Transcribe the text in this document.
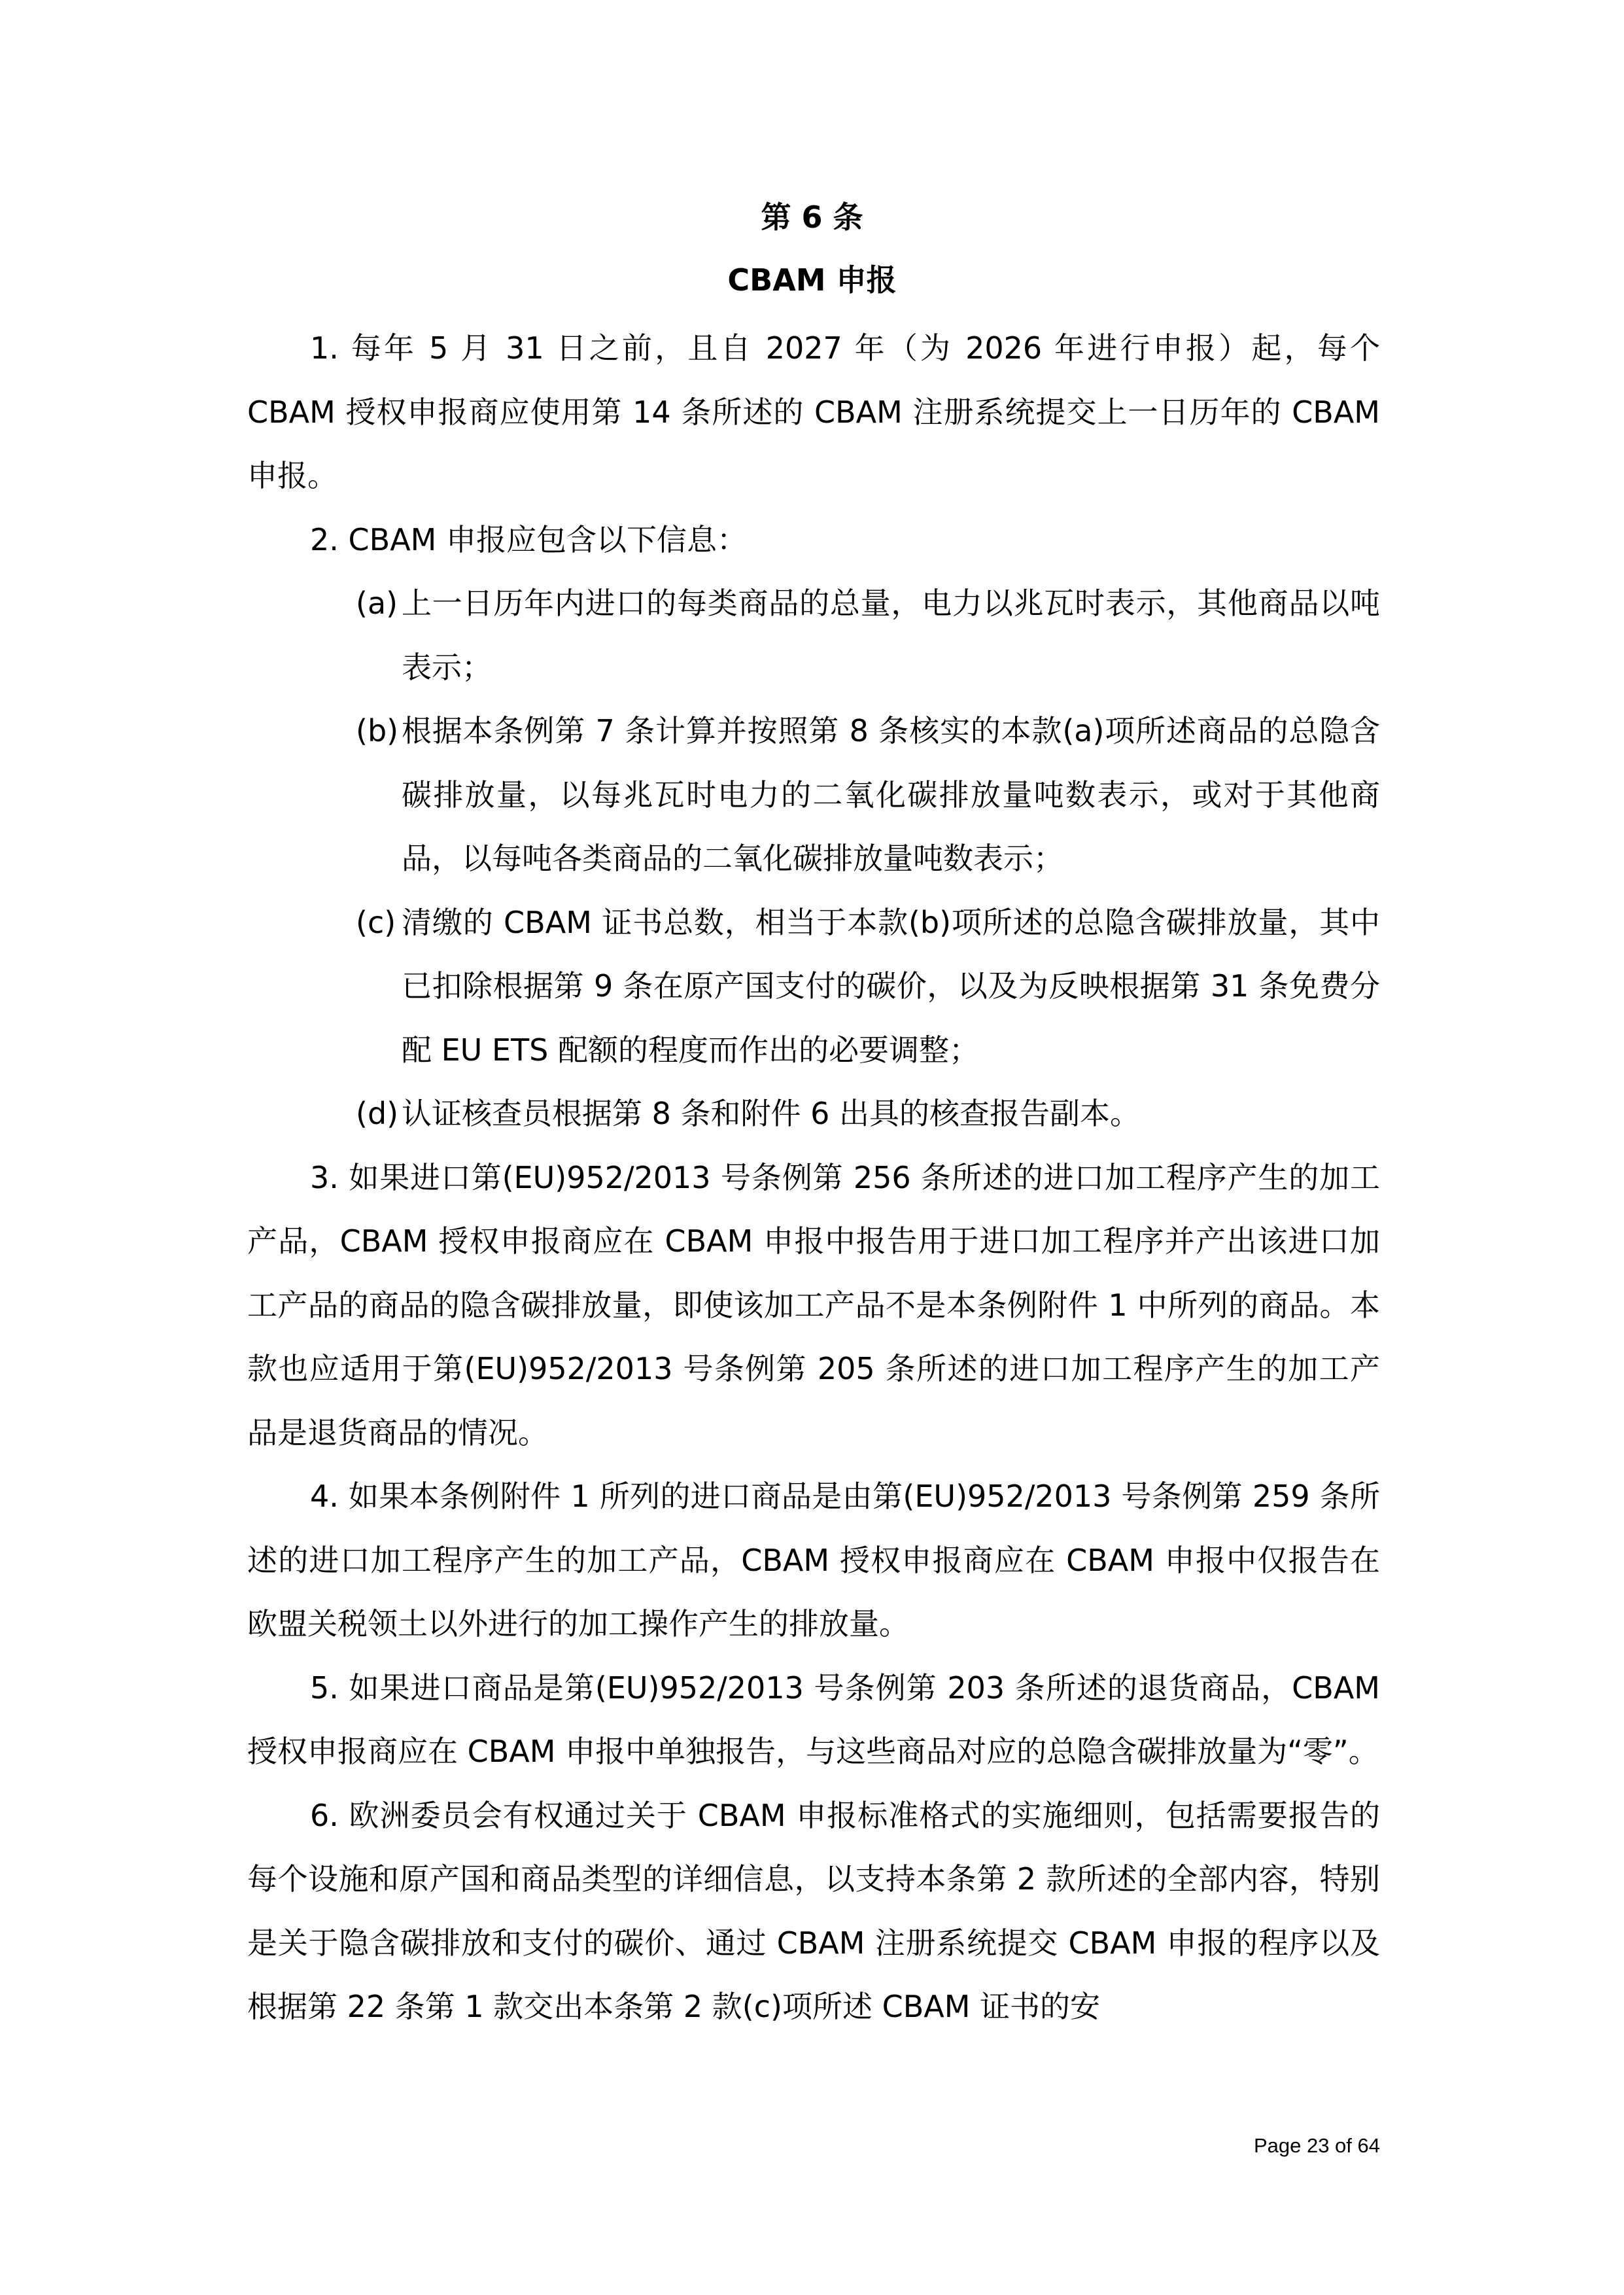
第 6 条
CBAM 申报

1. 每年 5 月 31 日之前，且自 2027 年（为 2026 年进行申报）起，每个 CBAM 授权申报商应使用第 14 条所述的 CBAM 注册系统提交上一日历年的 CBAM 申报。

2. CBAM 申报应包含以下信息：

(a) 上一日历年内进口的每类商品的总量，电力以兆瓦时表示，其他商品以吨表示；
(b) 根据本条例第 7 条计算并按照第 8 条核实的本款(a)项所述商品的总隐含碳排放量，以每兆瓦时电力的二氧化碳排放量吨数表示，或对于其他商品，以每吨各类商品的二氧化碳排放量吨数表示；
(c) 清缴的 CBAM 证书总数，相当于本款(b)项所述的总隐含碳排放量，其中已扣除根据第 9 条在原产国支付的碳价，以及为反映根据第 31 条免费分配 EU ETS 配额的程度而作出的必要调整；
(d) 认证核查员根据第 8 条和附件 6 出具的核查报告副本。

3. 如果进口第(EU)952/2013 号条例第 256 条所述的进口加工程序产生的加工产品，CBAM 授权申报商应在 CBAM 申报中报告用于进口加工程序并产出该进口加工产品的商品的隐含碳排放量，即使该加工产品不是本条例附件 1 中所列的商品。本款也应适用于第(EU)952/2013 号条例第 205 条所述的进口加工程序产生的加工产品是退货商品的情况。

4. 如果本条例附件 1 所列的进口商品是由第(EU)952/2013 号条例第 259 条所述的进口加工程序产生的加工产品，CBAM 授权申报商应在 CBAM 申报中仅报告在欧盟关税领土以外进行的加工操作产生的排放量。

5. 如果进口商品是第(EU)952/2013 号条例第 203 条所述的退货商品，CBAM 授权申报商应在 CBAM 申报中单独报告，与这些商品对应的总隐含碳排放量为“零”。

6. 欧洲委员会有权通过关于 CBAM 申报标准格式的实施细则，包括需要报告的每个设施和原产国和商品类型的详细信息，以支持本条第 2 款所述的全部内容，特别是关于隐含碳排放和支付的碳价、通过 CBAM 注册系统提交 CBAM 申报的程序以及根据第 22 条第 1 款交出本条第 2 款(c)项所述 CBAM 证书的安

Page 23 of 64
